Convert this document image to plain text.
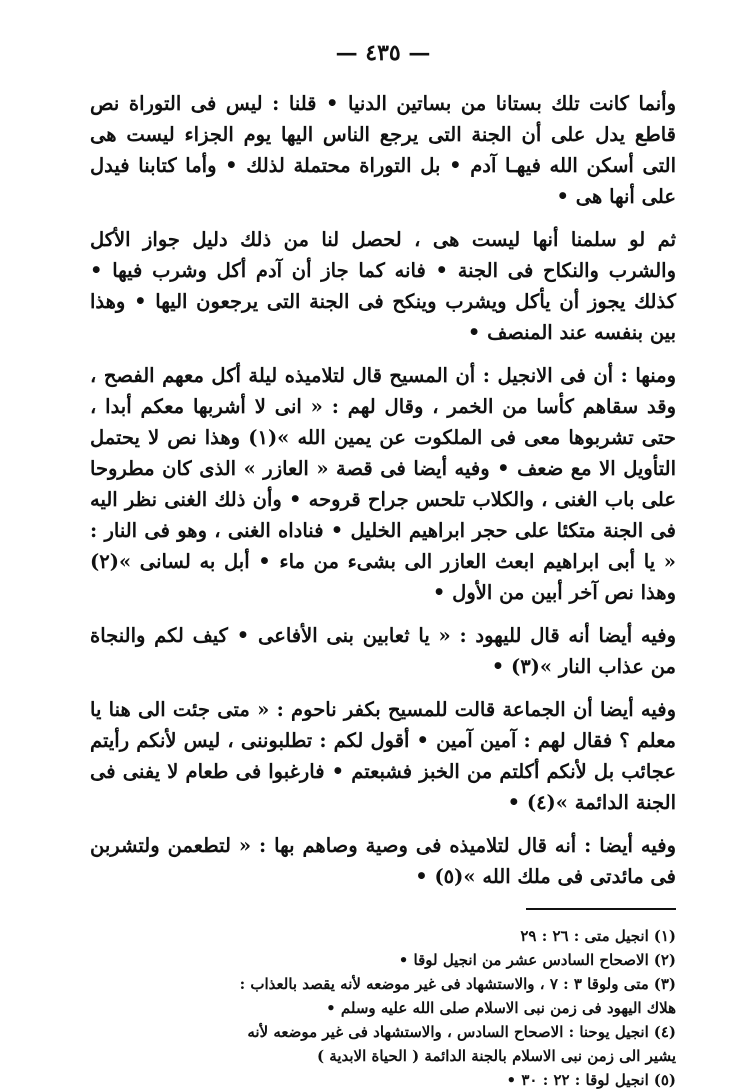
— ٤٣٥ —

وأنما كانت تلك بستانا من بساتين الدنيا • قلنا : ليس فى التوراة نص قاطع يدل على أن الجنة التى يرجع الناس اليها يوم الجزاء ليست هى التى أسكن الله فيهـا آدم • بل التوراة محتملة لذلك • وأما كتابنا فيدل على أنها هى •

ثم لو سلمنا أنها ليست هى ، لحصل لنا من ذلك دليل جواز الأكل والشرب والنكاح فى الجنة • فانه كما جاز أن آدم أكل وشرب فيها • كذلك يجوز أن يأكل ويشرب وينكح فى الجنة التى يرجعون اليها • وهذا بين بنفسه عند المنصف •

ومنها : أن فى الانجيل : أن المسيح قال لتلاميذه ليلة أكل معهم الفصح ، وقد سقاهم كأسا من الخمر ، وقال لهم : « انى لا أشربها معكم أبدا ، حتى تشربوها معى فى الملكوت عن يمين الله »(١) وهذا نص لا يحتمل التأويل الا مع ضعف • وفيه أيضا فى قصة « العازر » الذى كان مطروحا على باب الغنى ، والكلاب تلحس جراح قروحه • وأن ذلك الغنى نظر اليه فى الجنة متكئا على حجر ابراهيم الخليل • فناداه الغنى ، وهو فى النار : « يا أبى ابراهيم ابعث العازر الى بشىء من ماء • أبل به لسانى »(٢) وهذا نص آخر أبين من الأول •

وفيه أيضا أنه قال لليهود : « يا ثعابين بنى الأفاعى • كيف لكم والنجاة من عذاب النار »(٣) •

وفيه أيضا أن الجماعة قالت للمسيح بكفر ناحوم : « متى جئت الى هنا يا معلم ؟ فقال لهم : آمين آمين • أقول لكم : تطلبوننى ، ليس لأنكم رأيتم عجائب بل لأنكم أكلتم من الخبز فشبعتم • فارغبوا فى طعام لا يفنى فى الجنة الدائمة »(٤) •

وفيه أيضا : أنه قال لتلاميذه فى وصية وصاهم بها : « لتطعمن ولتشربن فى مائدتى فى ملك الله »(٥) •

(١) انجيل متى : ٢٦ : ٢٩

(٢) الاصحاح السادس عشر من انجيل لوقا •

(٣) متى ولوقا ٣ : ٧ ، والاستشهاد فى غير موضعه لأنه يقصد بالعذاب :

هلاك اليهود فى زمن نبى الاسلام صلى الله عليه وسلم •

(٤) انجيل يوحنا : الاصحاح السادس ، والاستشهاد فى غير موضعه لأنه

يشير الى زمن نبى الاسلام بالجنة الدائمة ( الحياة الابدية )

(٥) انجيل لوقا : ٢٢ : ٣٠ •
